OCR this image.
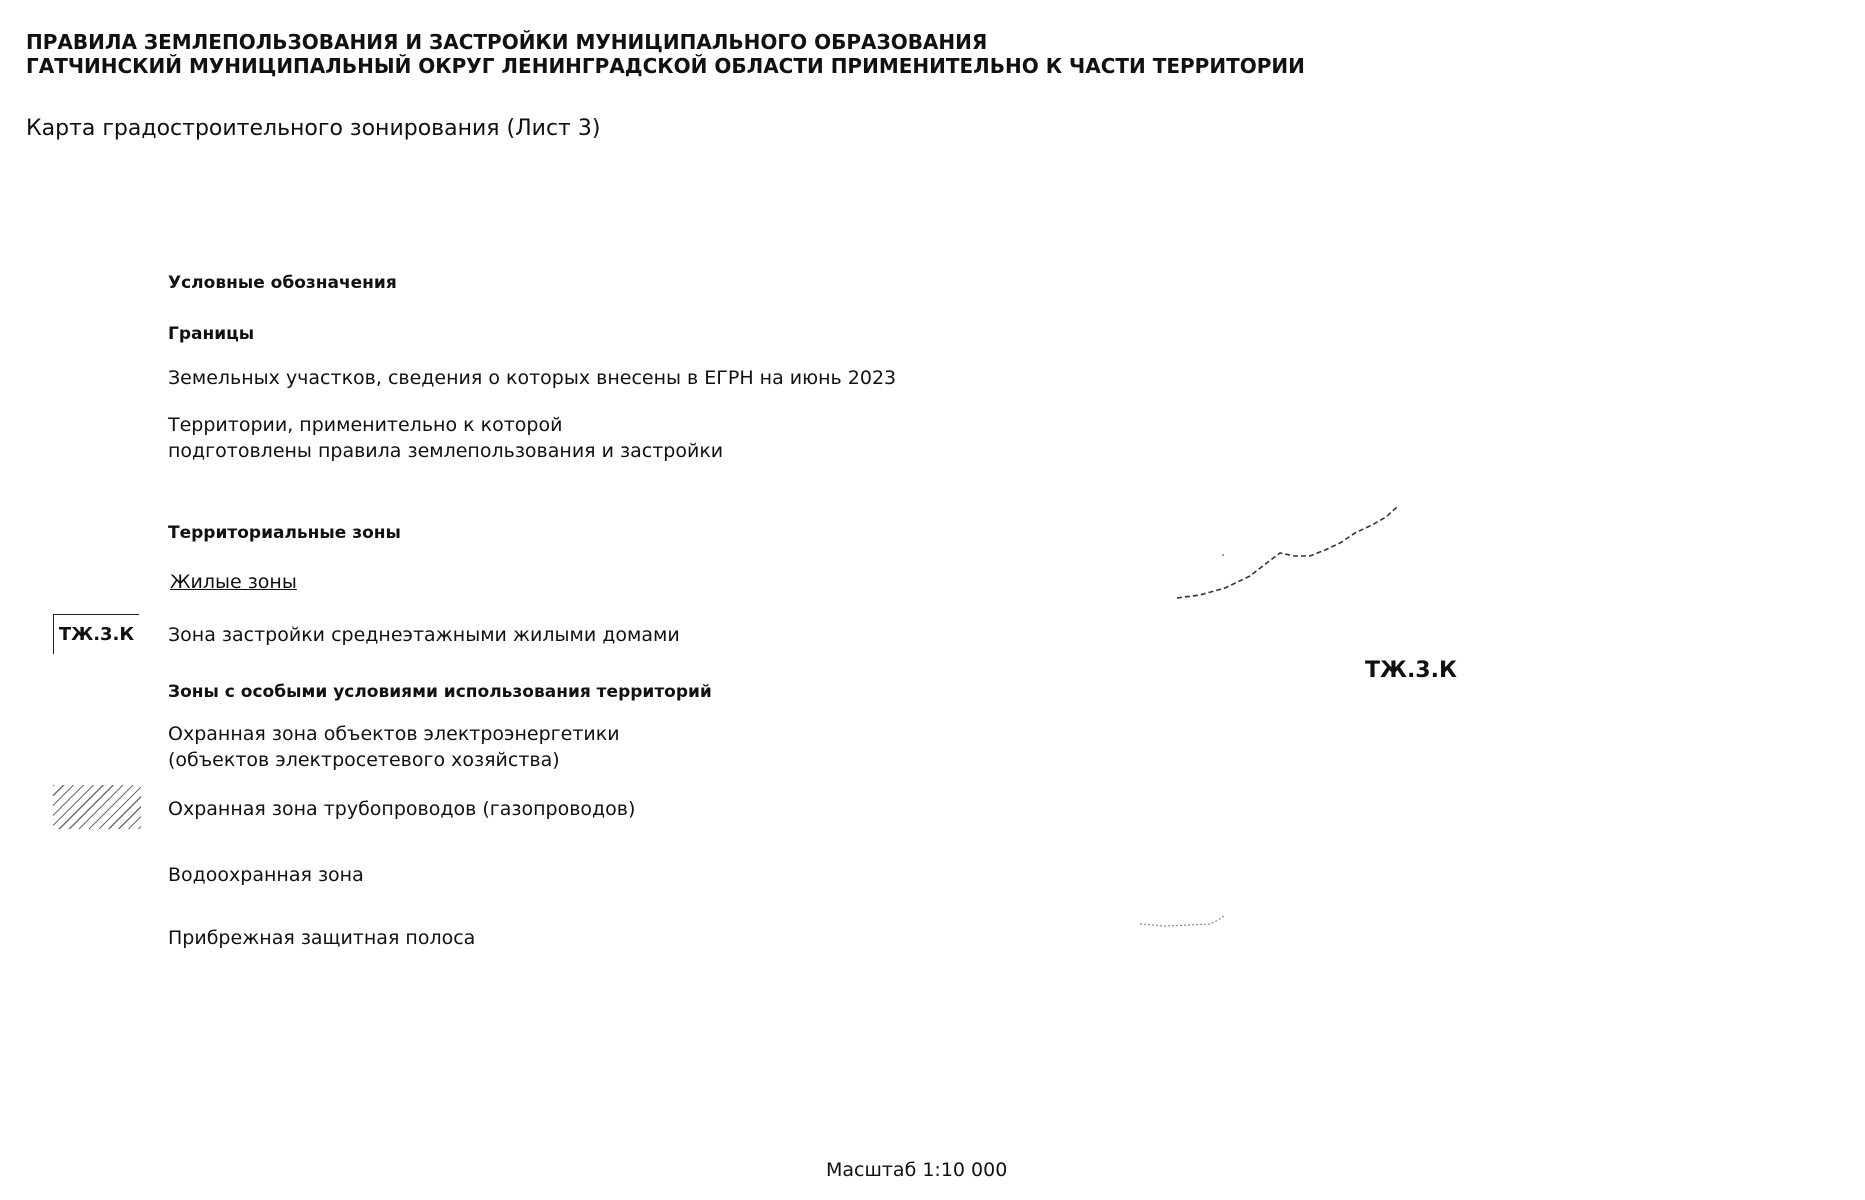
ПРАВИЛА ЗЕМЛЕПОЛЬЗОВАНИЯ И ЗАСТРОЙКИ МУНИЦИПАЛЬНОГО ОБРАЗОВАНИЯ
ГАТЧИНСКИЙ МУНИЦИПАЛЬНЫЙ ОКРУГ ЛЕНИНГРАДСКОЙ ОБЛАСТИ ПРИМЕНИТЕЛЬНО К ЧАСТИ ТЕРРИТОРИИ
Карта градостроительного зонирования (Лист 3)
Условные обозначения
Границы
Земельных участков, сведения о которых внесены в ЕГРН на июнь 2023
Территории, применительно к которой
подготовлены правила землепользования и застройки
Территориальные зоны
Жилые зоны
ТЖ.3.К Зона застройки среднеэтажными жилыми домами
Зоны с особыми условиями использования территорий
Охранная зона объектов электроэнергетики
(объектов электросетевого хозяйства)
Охранная зона трубопроводов (газопроводов)
Водоохранная зона
Прибрежная защитная полоса
ТЖ.3.К
Масштаб 1:10 000
